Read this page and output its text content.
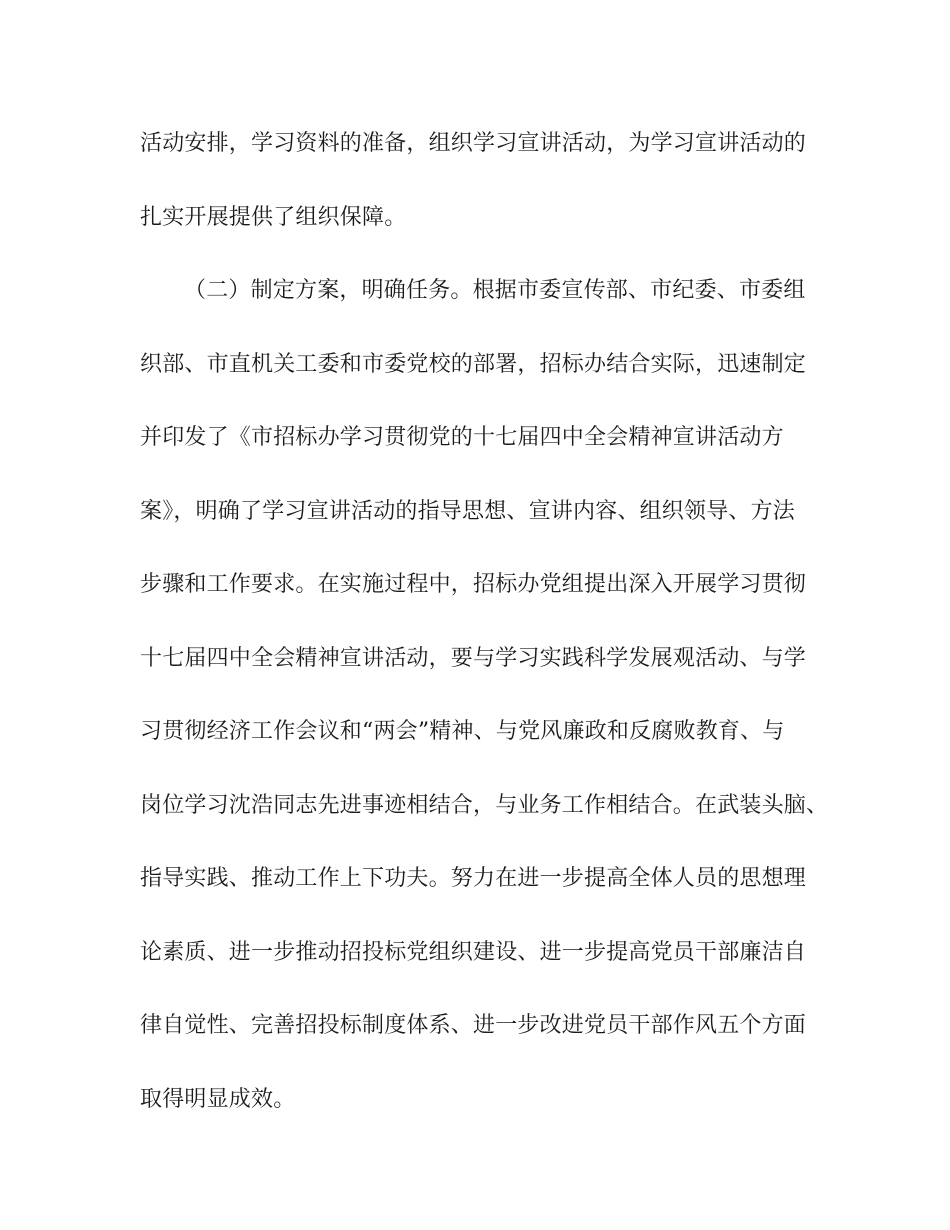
活动安排，学习资料的准备，组织学习宣讲活动，为学习宣讲活动的
扎实开展提供了组织保障。
（二）制定方案，明确任务。根据市委宣传部、市纪委、市委组
织部、市直机关工委和市委党校的部署，招标办结合实际，迅速制定
并印发了《市招标办学习贯彻党的十七届四中全会精神宣讲活动方
案》，明确了学习宣讲活动的指导思想、宣讲内容、组织领导、方法
步骤和工作要求。在实施过程中，招标办党组提出深入开展学习贯彻
十七届四中全会精神宣讲活动，要与学习实践科学发展观活动、与学
习贯彻经济工作会议和“两会”精神、与党风廉政和反腐败教育、与
岗位学习沈浩同志先进事迹相结合，与业务工作相结合。在武装头脑、
指导实践、推动工作上下功夫。努力在进一步提高全体人员的思想理
论素质、进一步推动招投标党组织建设、进一步提高党员干部廉洁自
律自觉性、完善招投标制度体系、进一步改进党员干部作风五个方面
取得明显成效。
